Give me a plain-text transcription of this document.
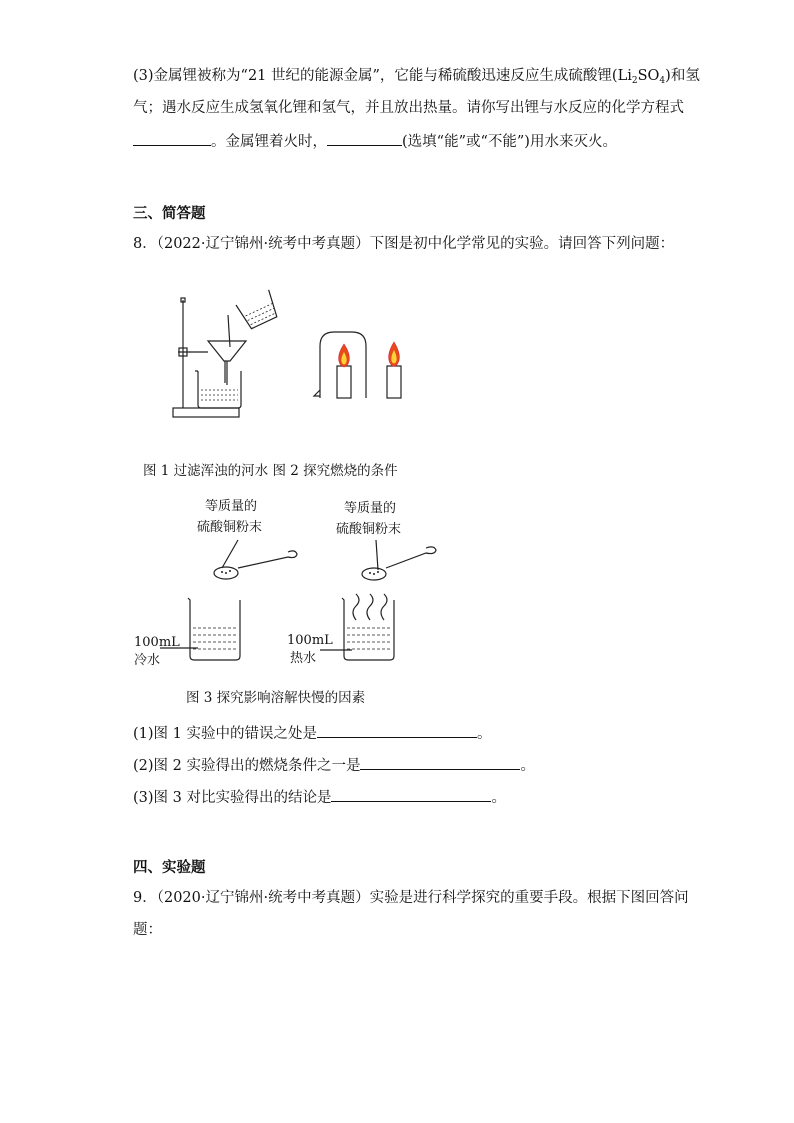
(3)金属锂被称为“21 世纪的能源金属”，它能与稀硫酸迅速反应生成硫酸锂$(Li_2SO_4)$和氢
气；遇水反应生成氢氧化锂和氢气，并且放出热量。请你写出锂与水反应的化学方程式
。金属锂着火时，	(选填“能”或“不能”)用水来灭火。
三、简答题
8．（2022·辽宁锦州·统考中考真题）下图是初中化学常见的实验。请回答下列问题：
图 1 过滤浑浊的河水 图 2 探究燃烧的条件
等质量的
硫酸铜粉末
等质量的
硫酸铜粉末
100mL
冷水
100mL
热水
图 3 探究影响溶解快慢的因素
(1)图 1 实验中的错误之处是	。
(2)图 2 实验得出的燃烧条件之一是	。
(3)图 3 对比实验得出的结论是	。
四、实验题
9．（2020·辽宁锦州·统考中考真题）实验是进行科学探究的重要手段。根据下图回答问
题：
